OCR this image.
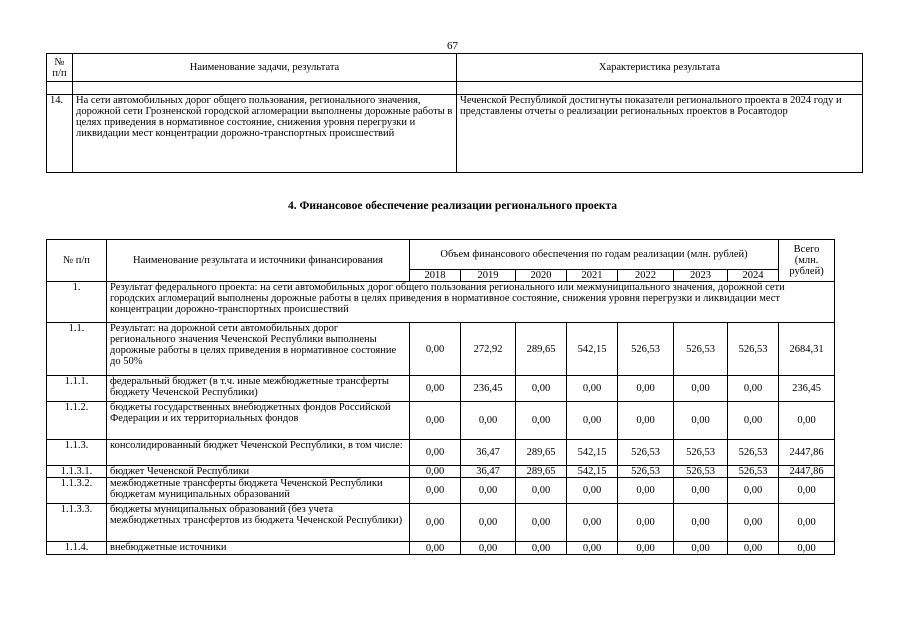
67
№ п/п	Наименование задачи, результата	Характеристика результата

14.	На сети автомобильных дорог общего пользования, регионального значения, дорожной сети Грозненской городской агломерации выполнены дорожные работы в целях приведения в нормативное состояние, снижения уровня перегрузки и ликвидации мест концентрации дорожно-транспортных происшествий	Чеченской Республикой достигнуты показатели регионального проекта в 2024 году и представлены отчеты о реализации региональных проектов в Росавтодор
4. Финансовое обеспечение реализации регионального проекта
№ п/п	Наименование результата и источники финансирования	Объем финансового обеспечения по годам реализации (млн. рублей)							Всего (млн. рублей)
		2018	2019	2020	2021	2022	2023	2024	
1.	Результат федерального проекта: на сети автомобильных дорог общего пользования регионального или межмуниципального значения, дорожной сети городских агломераций выполнены дорожные работы в целях приведения в нормативное состояние, снижения уровня перегрузки и ликвидации мест концентрации дорожно-транспортных происшествий								
1.1.	Результат: на дорожной сети автомобильных дорог регионального значения Чеченской Республики выполнены дорожные работы в целях приведения в нормативное состояние до 50%	0,00	272,92	289,65	542,15	526,53	526,53	526,53	2684,31
1.1.1.	федеральный бюджет (в т.ч. иные межбюджетные трансферты бюджету Чеченской Республики)	0,00	236,45	0,00	0,00	0,00	0,00	0,00	236,45
1.1.2.	бюджеты государственных внебюджетных фондов Российской Федерации и их территориальных фондов	0,00	0,00	0,00	0,00	0,00	0,00	0,00	0,00
1.1.3.	консолидированный бюджет Чеченской Республики, в том числе:	0,00	36,47	289,65	542,15	526,53	526,53	526,53	2447,86
1.1.3.1.	бюджет Чеченской Республики	0,00	36,47	289,65	542,15	526,53	526,53	526,53	2447,86
1.1.3.2.	межбюджетные трансферты бюджета Чеченской Республики бюджетам муниципальных образований	0,00	0,00	0,00	0,00	0,00	0,00	0,00	0,00
1.1.3.3.	бюджеты муниципальных образований (без учета межбюджетных трансфертов из бюджета Чеченской Республики)	0,00	0,00	0,00	0,00	0,00	0,00	0,00	0,00
1.1.4.	внебюджетные источники	0,00	0,00	0,00	0,00	0,00	0,00	0,00	0,00
